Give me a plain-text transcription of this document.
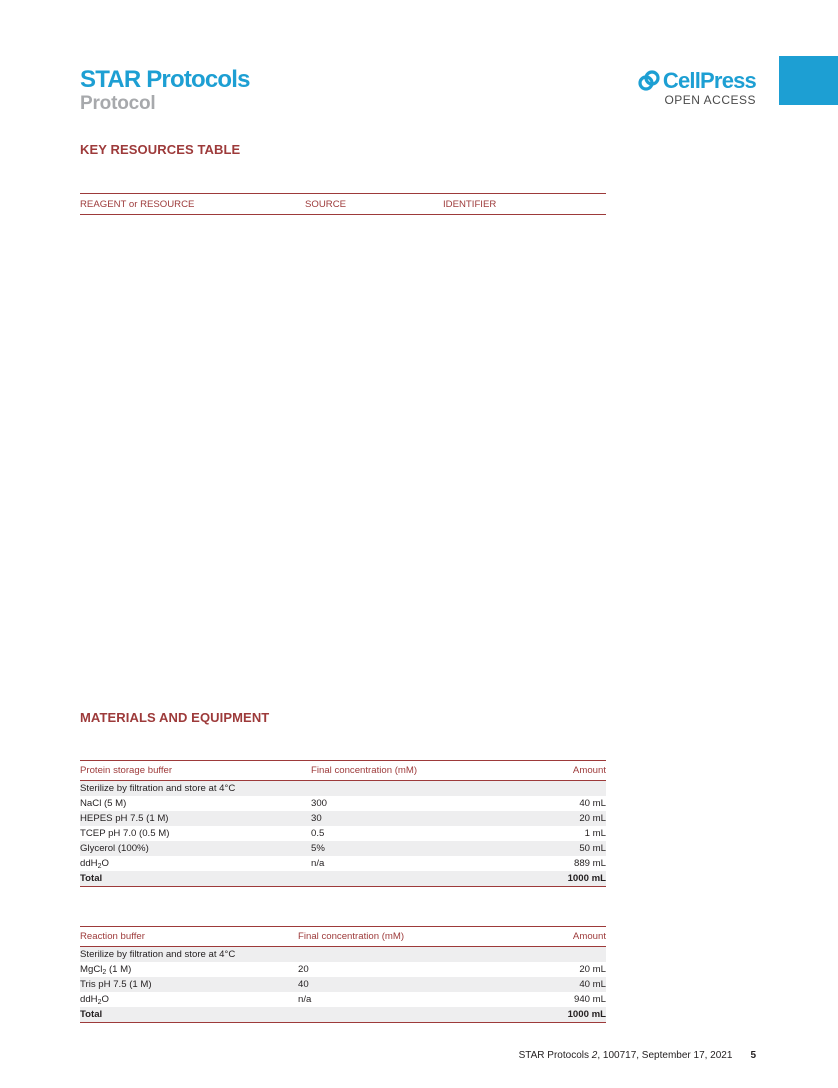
STAR Protocols
Protocol
CellPress
OPEN ACCESS
KEY RESOURCES TABLE
REAGENT or RESOURCE	SOURCE	IDENTIFIER
MATERIALS AND EQUIPMENT
Protein storage buffer	Final concentration (mM)	Amount
Sterilize by filtration and store at 4°C		
NaCl (5 M)	300	40 mL
HEPES pH 7.5 (1 M)	30	20 mL
TCEP pH 7.0 (0.5 M)	0.5	1 mL
Glycerol (100%)	5%	50 mL
ddH$_2$O	n/a	889 mL
Total		1000 mL
Reaction buffer	Final concentration (mM)	Amount
Sterilize by filtration and store at 4°C		
MgCl$_2$ (1 M)	20	20 mL
Tris pH 7.5 (1 M)	40	40 mL
ddH$_2$O	n/a	940 mL
Total		1000 mL
STAR Protocols 2, 100717, September 17, 2021 5
